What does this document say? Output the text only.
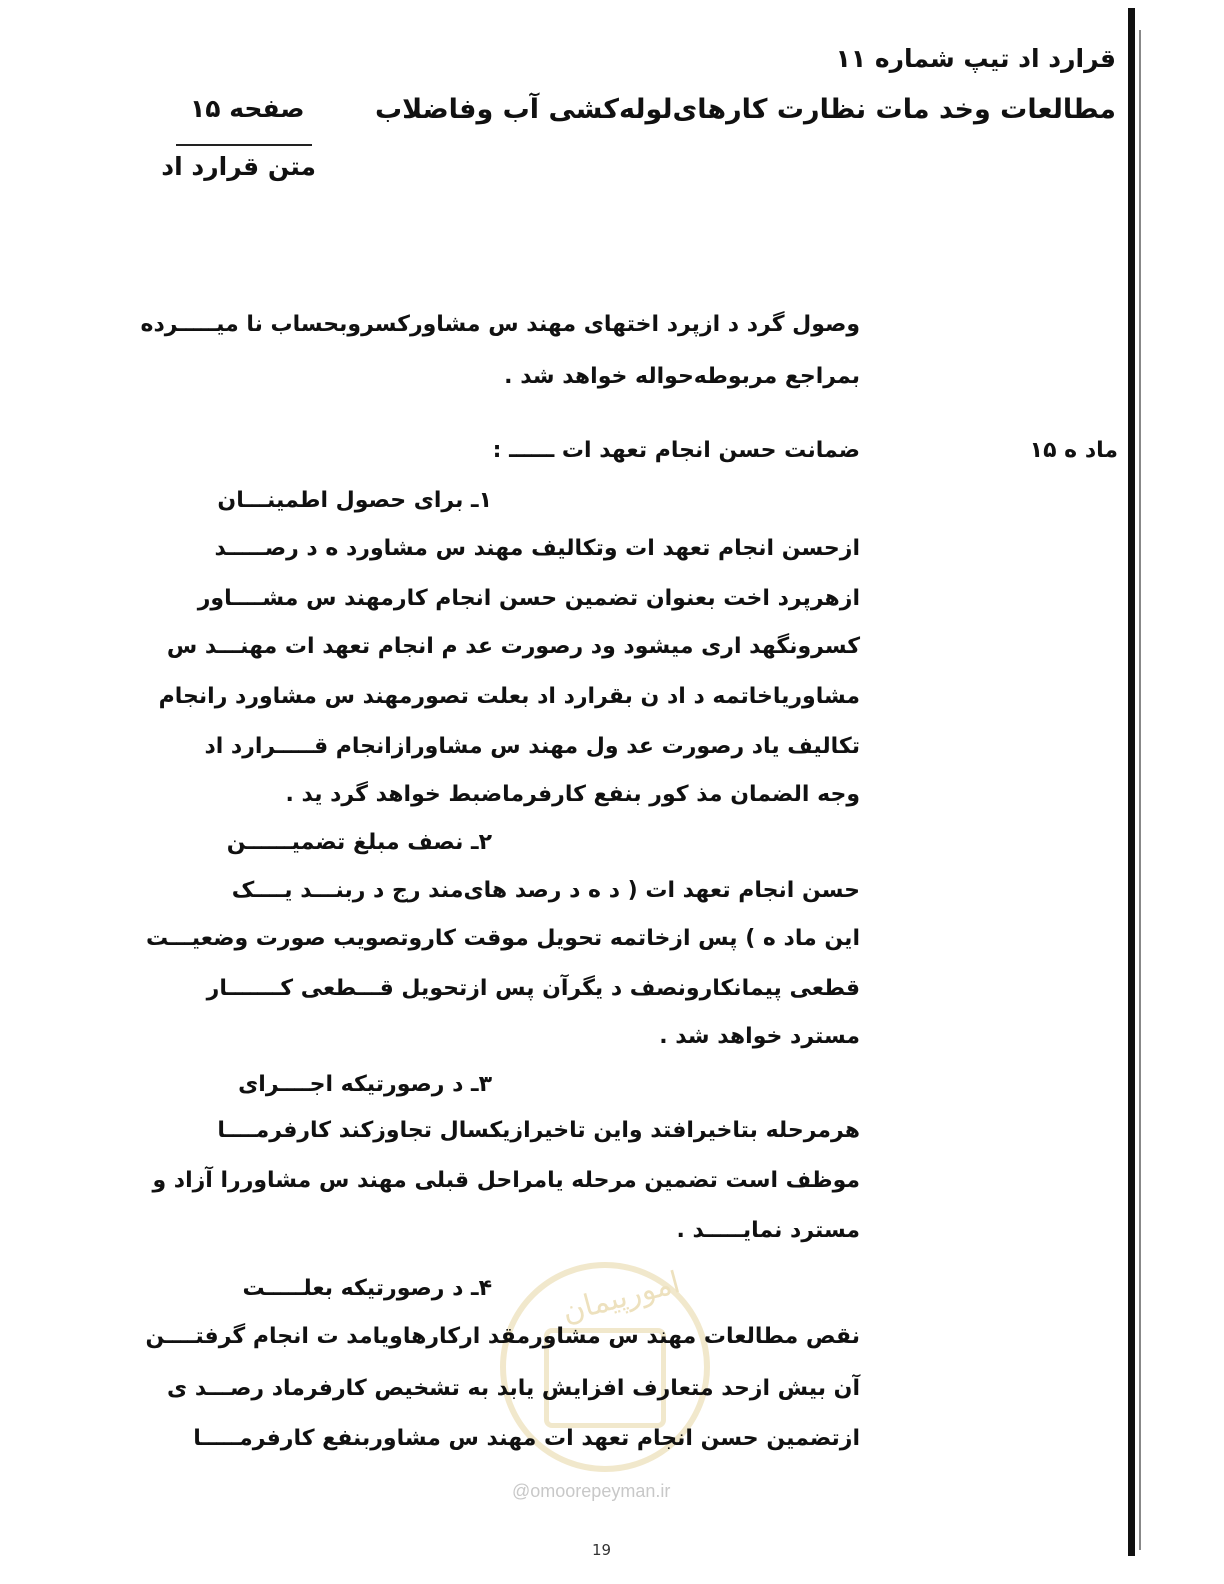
قرارد اد تیپ شماره ۱۱
مطالعات وخد مات نظارت کارهای‌لوله‌کشی آب وفاضلاب
صفحه ۱۵
متن قرارد اد
وصول گرد د ازپرد اختهای مهند س مشاورکسروبحساب نا میـــــرد‌ه
بمراجع مربوطه‌حواله خواهد شد .
ماد ه ۱۵
ضمانت حسن انجام تعهد ات ــــــ :
۱ـ برای حصول اطمینـــان
ازحسن انجام تعهد ات وتکالیف مهند س مشاورد ه د رصـــــد
ازهرپرد اخت بعنوان تضمین حسن انجام کارمهند س مشــــاور
کسرونگهد اری میشود ود رصورت عد م انجام تعهد ات مهنـــد س
مشاوریاخاتمه د اد ن بقرارد اد بعلت تصورمهند س مشاورد رانجام
تکالیف یاد رصورت عد ول مهند س مشاورازانجام قـــــرارد اد
وجه الضمان مذ کور بنفع کارفرماضبط خواهد گرد ید .
۲ـ نصف مبلغ تضمیــــــن
حسن انجام تعهد ات ( د ه د رصد های‌مند رج د ربنـــد یــــک
این ماد ه ) پس ازخاتمه تحویل موقت کاروتصویب صورت وضعیـــت
قطعی پیمانکارونصف د یگرآن پس ازتحویل قـــطعی کـــــــار
مسترد خواهد شد .
۳ـ د رصورتیکه اجــــرای
هرمرحله بتاخیرافتد واین تاخیرازیکسال تجاوزکند کارفرمــــا
موظف است تضمین مرحله یامراحل قبلی مهند س مشاوررا آزاد و
مسترد نمایـــــد .
امورپیمان
۴ـ د رصورتیکه بعلـــــت
نقص مطالعات مهند س مشاورمقد ارکارهاویامد ت انجام گرفتــــن
آن بیش ازحد متعارف افزایش یابد به تشخیص کارفرماد رصـــد ی
ازتضمین حسن انجام تعهد ات مهند س مشاوربنفع کارفرمـــــا
@omoorepeyman.ir
19
